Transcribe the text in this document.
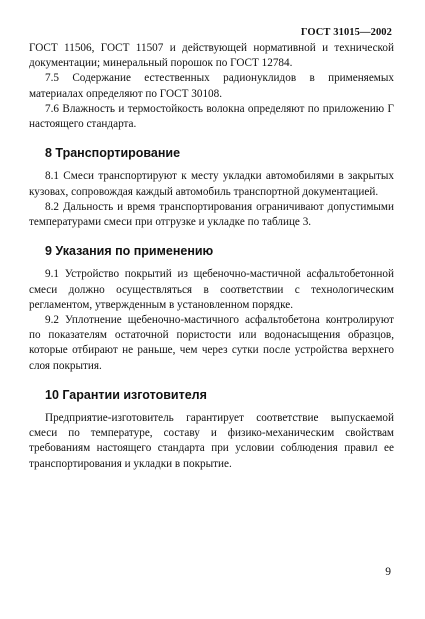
ГОСТ 31015—2002

ГОСТ 11506, ГОСТ 11507 и действующей нормативной и технической документации; минеральный порошок по ГОСТ 12784.

7.5 Содержание естественных радионуклидов в применяемых материалах определяют по ГОСТ 30108.

7.6 Влажность и термостойкость волокна определяют по приложению Г настоящего стандарта.

8 Транспортирование

8.1 Смеси транспортируют к месту укладки автомобилями в закрытых кузовах, сопровождая каждый автомобиль транспортной документацией.

8.2 Дальность и время транспортирования ограничивают допустимыми температурами смеси при отгрузке и укладке по таблице 3.

9 Указания по применению

9.1 Устройство покрытий из щебеночно-мастичной асфальтобетонной смеси должно осуществляться в соответствии с технологическим регламентом, утвержденным в установленном порядке.

9.2 Уплотнение щебеночно-мастичного асфальтобетона контролируют по показателям остаточной пористости или водонасыщения образцов, которые отбирают не раньше, чем через сутки после устройства верхнего слоя покрытия.

10 Гарантии изготовителя

Предприятие-изготовитель гарантирует соответствие выпускаемой смеси по температуре, составу и физико-механическим свойствам требованиям настоящего стандарта при условии соблюдения правил ее транспортирования и укладки в покрытие.

9
